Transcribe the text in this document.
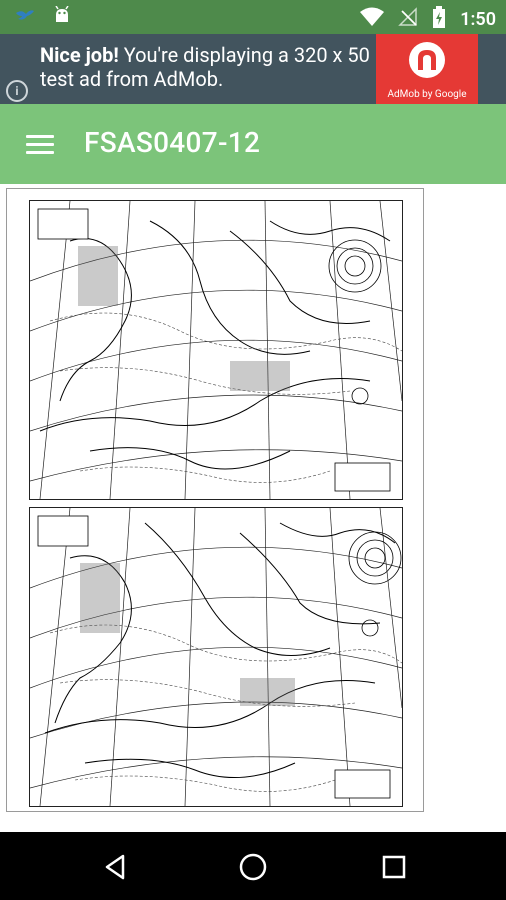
1:50
Nice job! You're displaying a 320 x 50 test ad from AdMob.
i	AdMob by Google
FSAS0407-12
